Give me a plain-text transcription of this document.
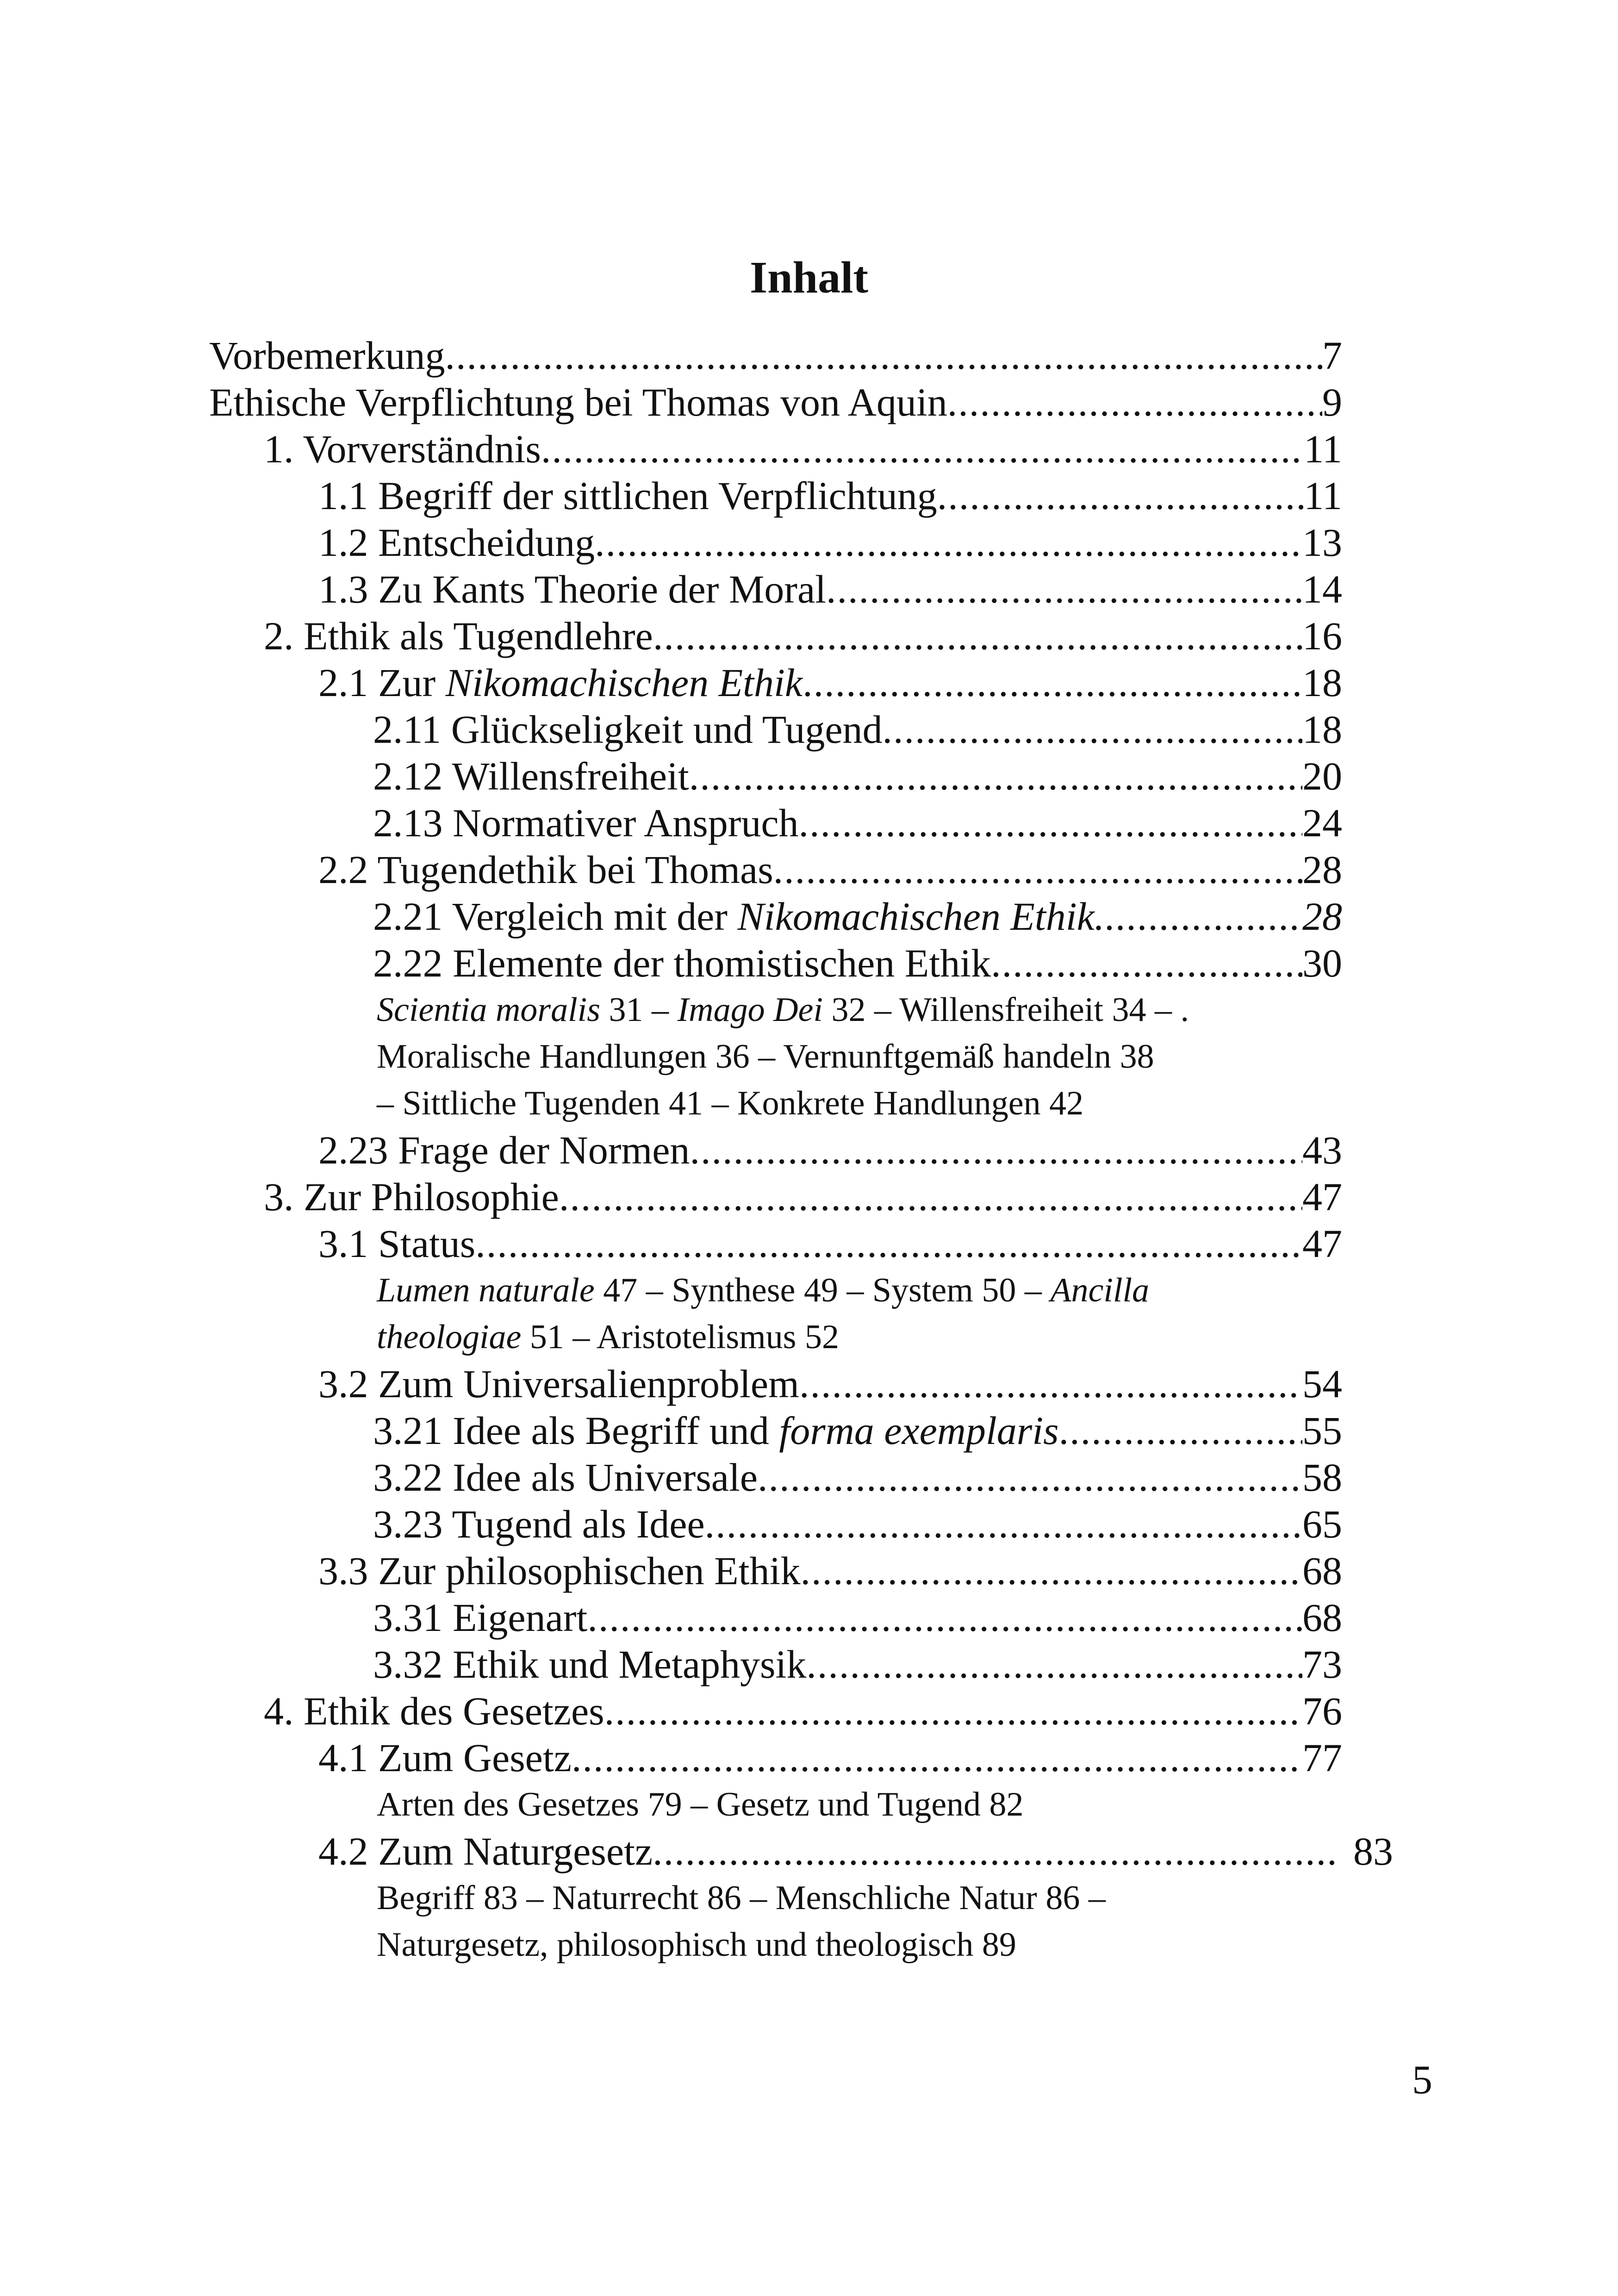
Inhalt
Vorbemerkung .....	7
Ethische Verpflichtung bei Thomas von Aquin .....	9
1. Vorverständnis .....	11
1.1 Begriff der sittlichen Verpflichtung .....	11
1.2 Entscheidung .....	13
1.3 Zu Kants Theorie der Moral .....	14
2. Ethik als Tugendlehre .....	16
2.1 Zur Nikomachischen Ethik .....	18
2.11 Glückseligkeit und Tugend .....	18
2.12 Willensfreiheit .....	20
2.13 Normativer Anspruch .....	24
2.2 Tugendethik bei Thomas .....	28
2.21 Vergleich mit der Nikomachischen Ethik .....	28
2.22 Elemente der thomistischen Ethik .....	30
Scientia moralis 31 – Imago Dei 32 – Willensfreiheit 34 – .
Moralische Handlungen 36 – Vernunftgemäß handeln 38
– Sittliche Tugenden 41 – Konkrete Handlungen 42
2.23 Frage der Normen .....	43
3. Zur Philosophie .....	47
3.1 Status .....	47
Lumen naturale 47 – Synthese 49 – System 50 – Ancilla
theologiae 51 – Aristotelismus 52
3.2 Zum Universalienproblem .....	54
3.21 Idee als Begriff und forma exemplaris .....	55
3.22 Idee als Universale .....	58
3.23 Tugend als Idee .....	65
3.3 Zur philosophischen Ethik .....	68
3.31 Eigenart .....	68
3.32 Ethik und Metaphysik .....	73
4. Ethik des Gesetzes .....	76
4.1 Zum Gesetz .....	77
Arten des Gesetzes 79 – Gesetz und Tugend 82
4.2 Zum Naturgesetz .....	83
Begriff 83 – Naturrecht 86 – Menschliche Natur 86 –
Naturgesetz, philosophisch und theologisch 89
5
